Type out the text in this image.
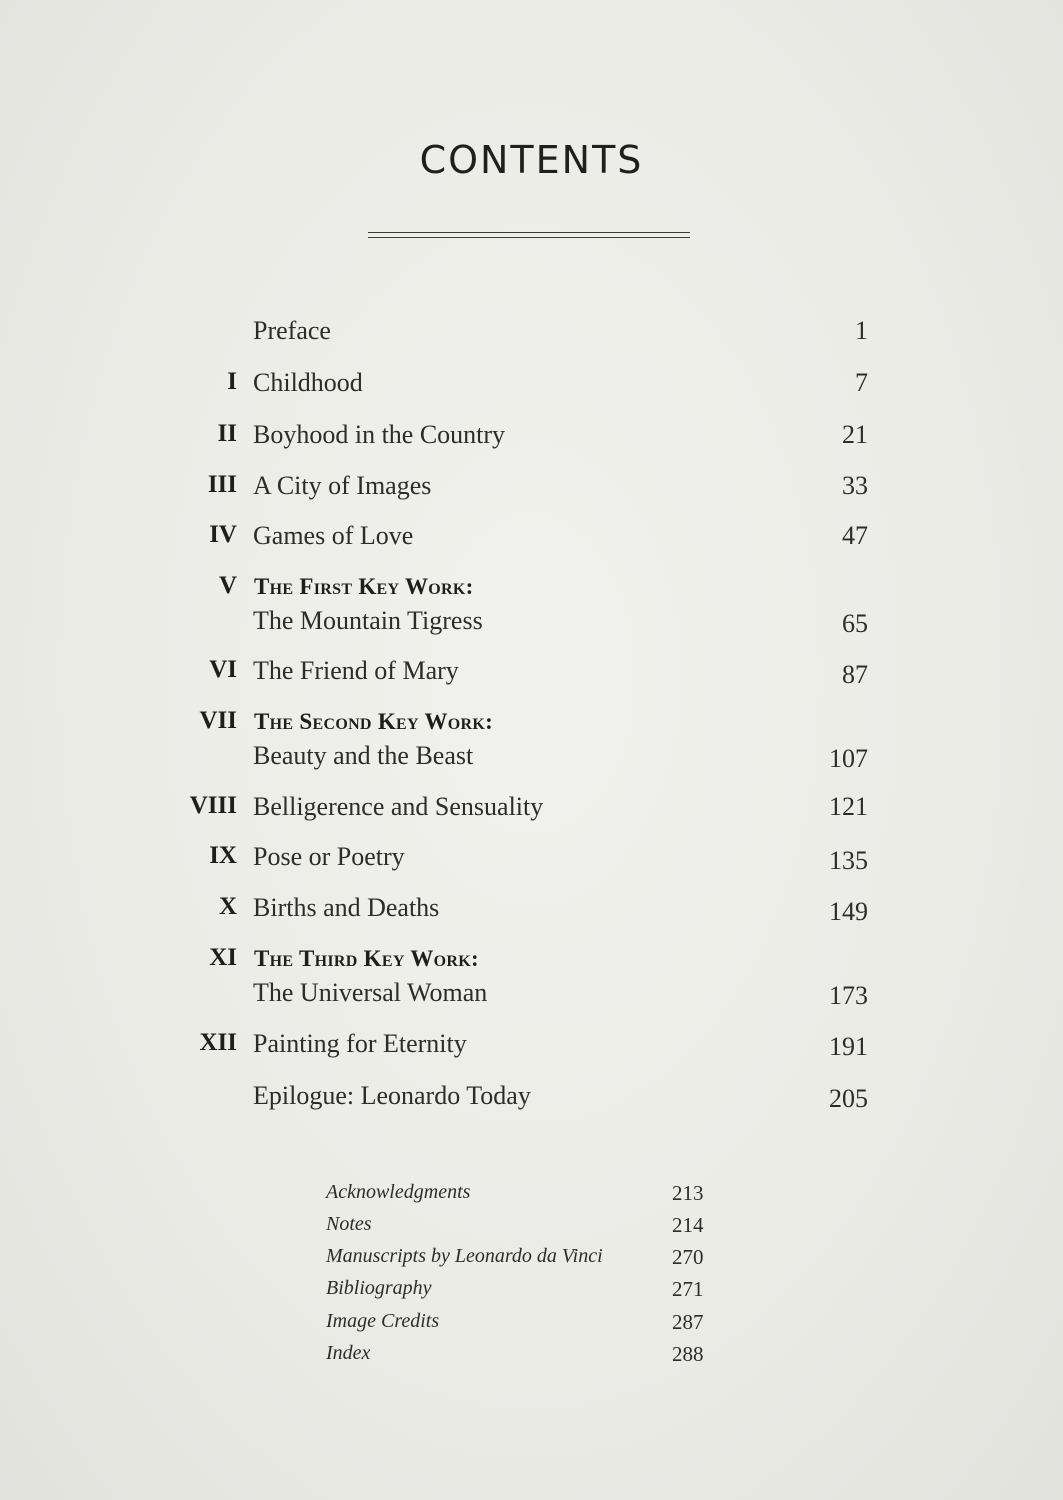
CONTENTS
Preface	1
I Childhood	7
II Boyhood in the Country	21
III A City of Images	33
IV Games of Love	47
V The First Key Work:
The Mountain Tigress	65
VI The Friend of Mary	87
VII The Second Key Work:
Beauty and the Beast	107
VIII Belligerence and Sensuality	121
IX Pose or Poetry	135
X Births and Deaths	149
XI The Third Key Work:
The Universal Woman	173
XII Painting for Eternity	191
Epilogue: Leonardo Today	205
Acknowledgments	213
Notes	214
Manuscripts by Leonardo da Vinci	270
Bibliography	271
Image Credits	287
Index	288
